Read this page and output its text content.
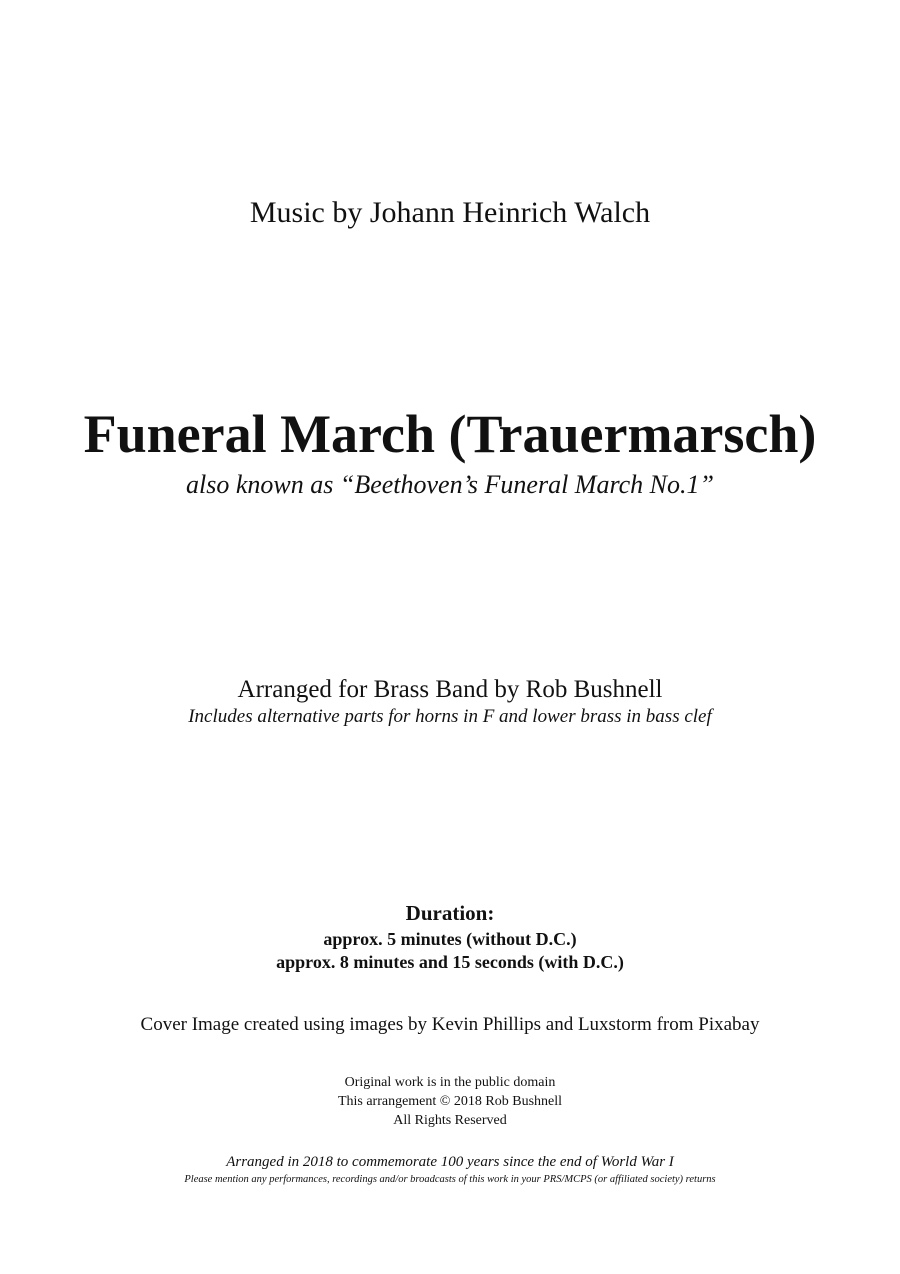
Music by Johann Heinrich Walch
Funeral March (Trauermarsch)
also known as “Beethoven’s Funeral March No.1”
Arranged for Brass Band by Rob Bushnell
Includes alternative parts for horns in F and lower brass in bass clef
Duration:
approx. 5 minutes (without D.C.)
approx. 8 minutes and 15 seconds (with D.C.)
Cover Image created using images by Kevin Phillips and Luxstorm from Pixabay
Original work is in the public domain
This arrangement © 2018 Rob Bushnell
All Rights Reserved
Arranged in 2018 to commemorate 100 years since the end of World War I
Please mention any performances, recordings and/or broadcasts of this work in your PRS/MCPS (or affiliated society) returns
